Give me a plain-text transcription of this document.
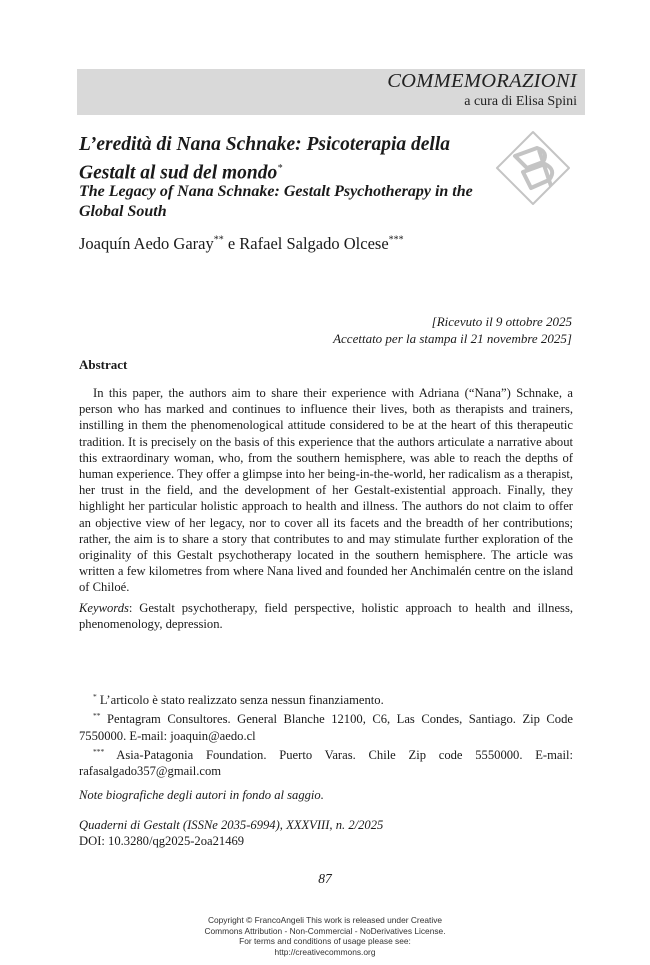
COMMEMORAZIONI
a cura di Elisa Spini
L’eredità di Nana Schnake: Psicoterapia della Gestalt al sud del mondo*
The Legacy of Nana Schnake: Gestalt Psychotherapy in the Global South
Joaquín Aedo Garay** e Rafael Salgado Olcese***
[Ricevuto il 9 ottobre 2025
Accettato per la stampa il 21 novembre 2025]
Abstract

In this paper, the authors aim to share their experience with Adriana (“Nana”) Schnake, a person who has marked and continues to influence their lives, both as therapists and trainers, instilling in them the phenomenological attitude considered to be at the heart of this therapeutic tradition. It is precisely on the basis of this experience that the authors articulate a narrative about this extraordinary woman, who, from the southern hemisphere, was able to reach the depths of human experience. They offer a glimpse into her being-in-the-world, her radicalism as a therapist, her trust in the field, and the development of her Gestalt-existential approach. Finally, they highlight her particular holistic approach to health and illness. The authors do not claim to offer an objective view of her legacy, nor to cover all its facets and the breadth of her contributions; rather, the aim is to share a story that contributes to and may stimulate further exploration of the originality of this Gestalt psychotherapy located in the southern hemisphere. The article was written a few kilometres from where Nana lived and founded her Anchimalén centre on the island of Chiloé.

Keywords: Gestalt psychotherapy, field perspective, holistic approach to health and illness, phenomenology, depression.

* L’articolo è stato realizzato senza nessun finanziamento.

** Pentagram Consultores. General Blanche 12100, C6, Las Condes, Santiago. Zip Code 7550000. E-mail: joaquin@aedo.cl

*** Asia-Patagonia Foundation. Puerto Varas. Chile Zip code 5550000. E-mail: rafasalgado357@gmail.com

Note biografiche degli autori in fondo al saggio.
Quaderni di Gestalt (ISSNe 2035-6994), XXXVIII, n. 2/2025
DOI: 10.3280/qg2025-2oa21469
87
Copyright © FrancoAngeli This work is released under Creative
Commons Attribution - Non-Commercial - NoDerivatives License.
For terms and conditions of usage please see:
http://creativecommons.org
